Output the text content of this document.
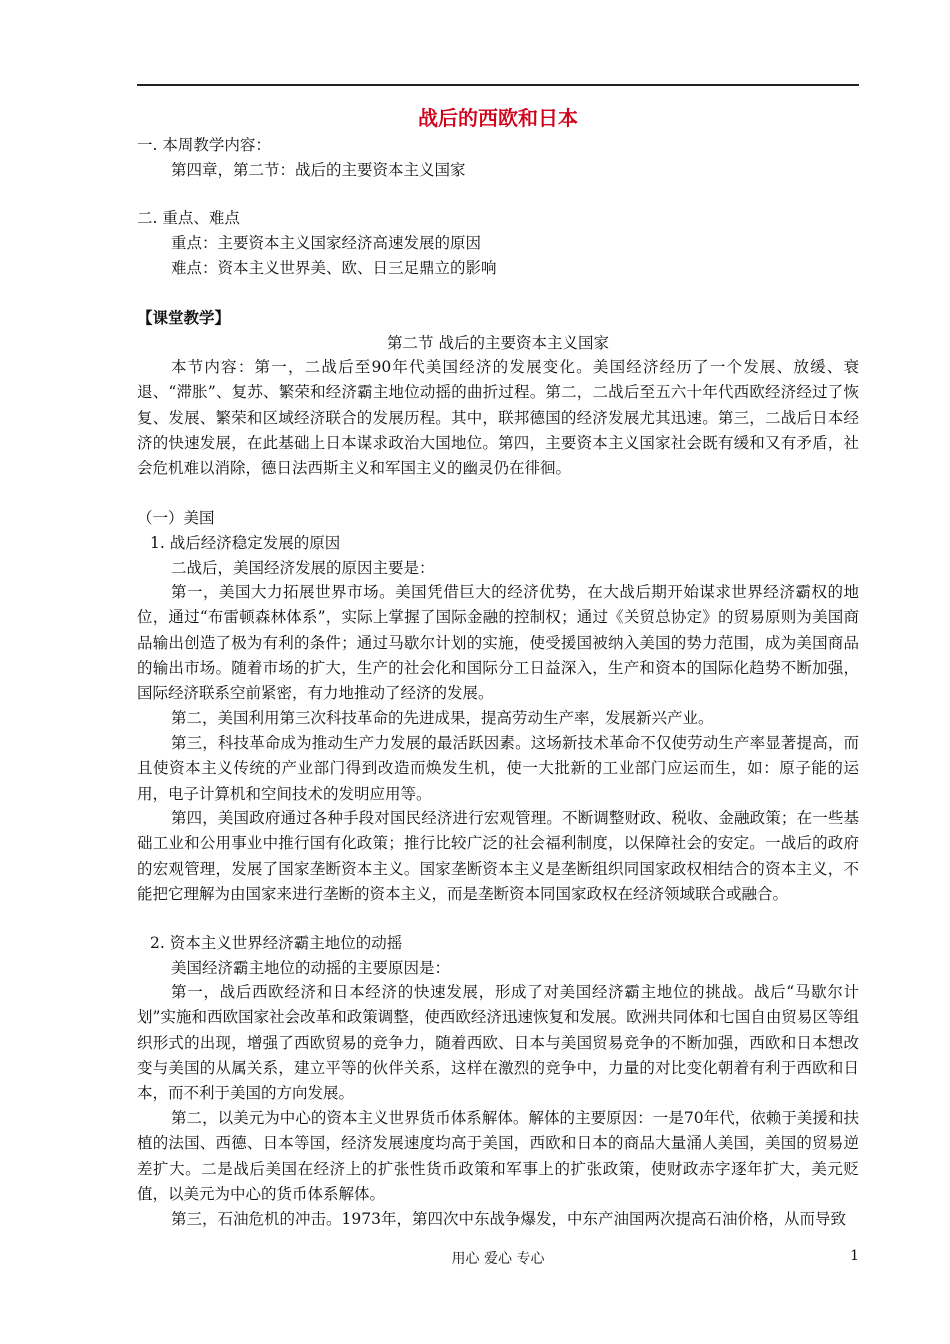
战后的西欧和日本
一. 本周教学内容：
第四章，第二节：战后的主要资本主义国家
二. 重点、难点
重点：主要资本主义国家经济高速发展的原因
难点：资本主义世界美、欧、日三足鼎立的影响
【课堂教学】
第二节 战后的主要资本主义国家
本节内容：第一，二战后至90年代美国经济的发展变化。美国经济经历了一个发展、放缓、衰退、“滞胀”、复苏、繁荣和经济霸主地位动摇的曲折过程。第二，二战后至五六十年代西欧经济经过了恢复、发展、繁荣和区域经济联合的发展历程。其中，联邦德国的经济发展尤其迅速。第三，二战后日本经济的快速发展，在此基础上日本谋求政治大国地位。第四，主要资本主义国家社会既有缓和又有矛盾，社会危机难以消除，德日法西斯主义和军国主义的幽灵仍在徘徊。
（一）美国
1. 战后经济稳定发展的原因
二战后，美国经济发展的原因主要是：
第一，美国大力拓展世界市场。美国凭借巨大的经济优势，在大战后期开始谋求世界经济霸权的地位，通过“布雷顿森林体系”，实际上掌握了国际金融的控制权；通过《关贸总协定》的贸易原则为美国商品输出创造了极为有利的条件；通过马歇尔计划的实施，使受援国被纳入美国的势力范围，成为美国商品的输出市场。随着市场的扩大，生产的社会化和国际分工日益深入，生产和资本的国际化趋势不断加强，国际经济联系空前紧密，有力地推动了经济的发展。
第二，美国利用第三次科技革命的先进成果，提高劳动生产率，发展新兴产业。
第三，科技革命成为推动生产力发展的最活跃因素。这场新技术革命不仅使劳动生产率显著提高，而且使资本主义传统的产业部门得到改造而焕发生机，使一大批新的工业部门应运而生，如：原子能的运用，电子计算机和空间技术的发明应用等。
第四，美国政府通过各种手段对国民经济进行宏观管理。不断调整财政、税收、金融政策；在一些基础工业和公用事业中推行国有化政策；推行比较广泛的社会福利制度，以保障社会的安定。一战后的政府的宏观管理，发展了国家垄断资本主义。国家垄断资本主义是垄断组织同国家政权相结合的资本主义，不能把它理解为由国家来进行垄断的资本主义，而是垄断资本同国家政权在经济领域联合或融合。
2. 资本主义世界经济霸主地位的动摇
美国经济霸主地位的动摇的主要原因是：
第一，战后西欧经济和日本经济的快速发展，形成了对美国经济霸主地位的挑战。战后“马歇尔计划”实施和西欧国家社会改革和政策调整，使西欧经济迅速恢复和发展。欧洲共同体和七国自由贸易区等组织形式的出现，增强了西欧贸易的竞争力，随着西欧、日本与美国贸易竞争的不断加强，西欧和日本想改变与美国的从属关系，建立平等的伙伴关系，这样在激烈的竞争中，力量的对比变化朝着有利于西欧和日本，而不利于美国的方向发展。
第二，以美元为中心的资本主义世界货币体系解体。解体的主要原因：一是70年代，依赖于美援和扶植的法国、西德、日本等国，经济发展速度均高于美国，西欧和日本的商品大量涌人美国，美国的贸易逆差扩大。二是战后美国在经济上的扩张性货币政策和军事上的扩张政策，使财政赤字逐年扩大，美元贬值，以美元为中心的货币体系解体。
第三，石油危机的冲击。1973年，第四次中东战争爆发，中东产油国两次提高石油价格，从而导致
用心 爱心 专心	1
